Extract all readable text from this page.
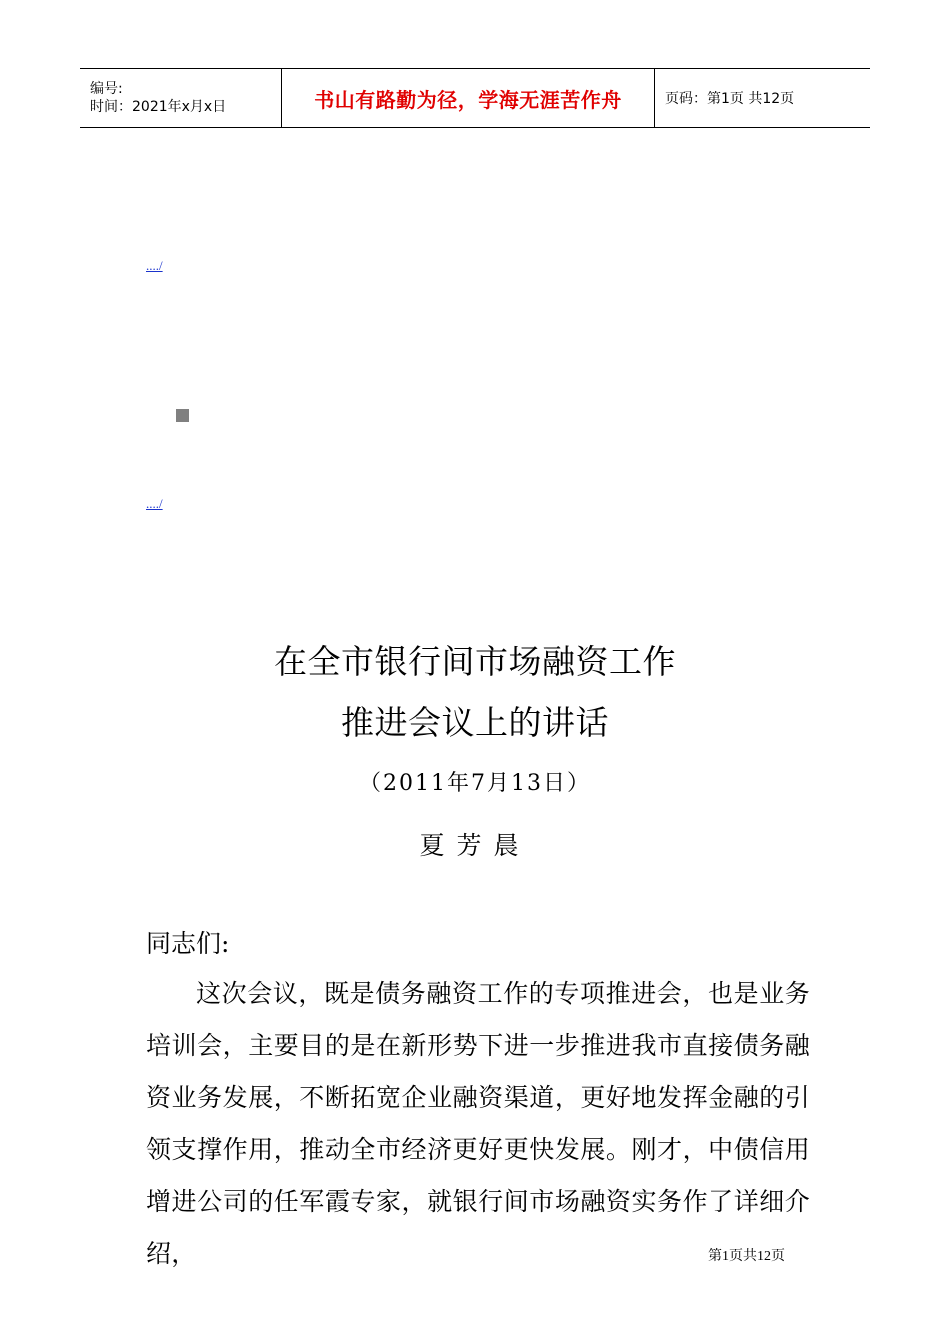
编号:
时间：2021年x月x日	书山有路勤为径，学海无涯苦作舟	页码：第1页 共12页
..../
..../
在全市银行间市场融资工作
推进会议上的讲话
（2011年7月13日）
夏芳晨
同志们:
这次会议，既是债务融资工作的专项推进会，也是业务培训会，主要目的是在新形势下进一步推进我市直接债务融资业务发展，不断拓宽企业融资渠道，更好地发挥金融的引领支撑作用，推动全市经济更好更快发展。刚才，中债信用增进公司的任军霞专家，就银行间市场融资实务作了详细介绍，	第1页共12页
